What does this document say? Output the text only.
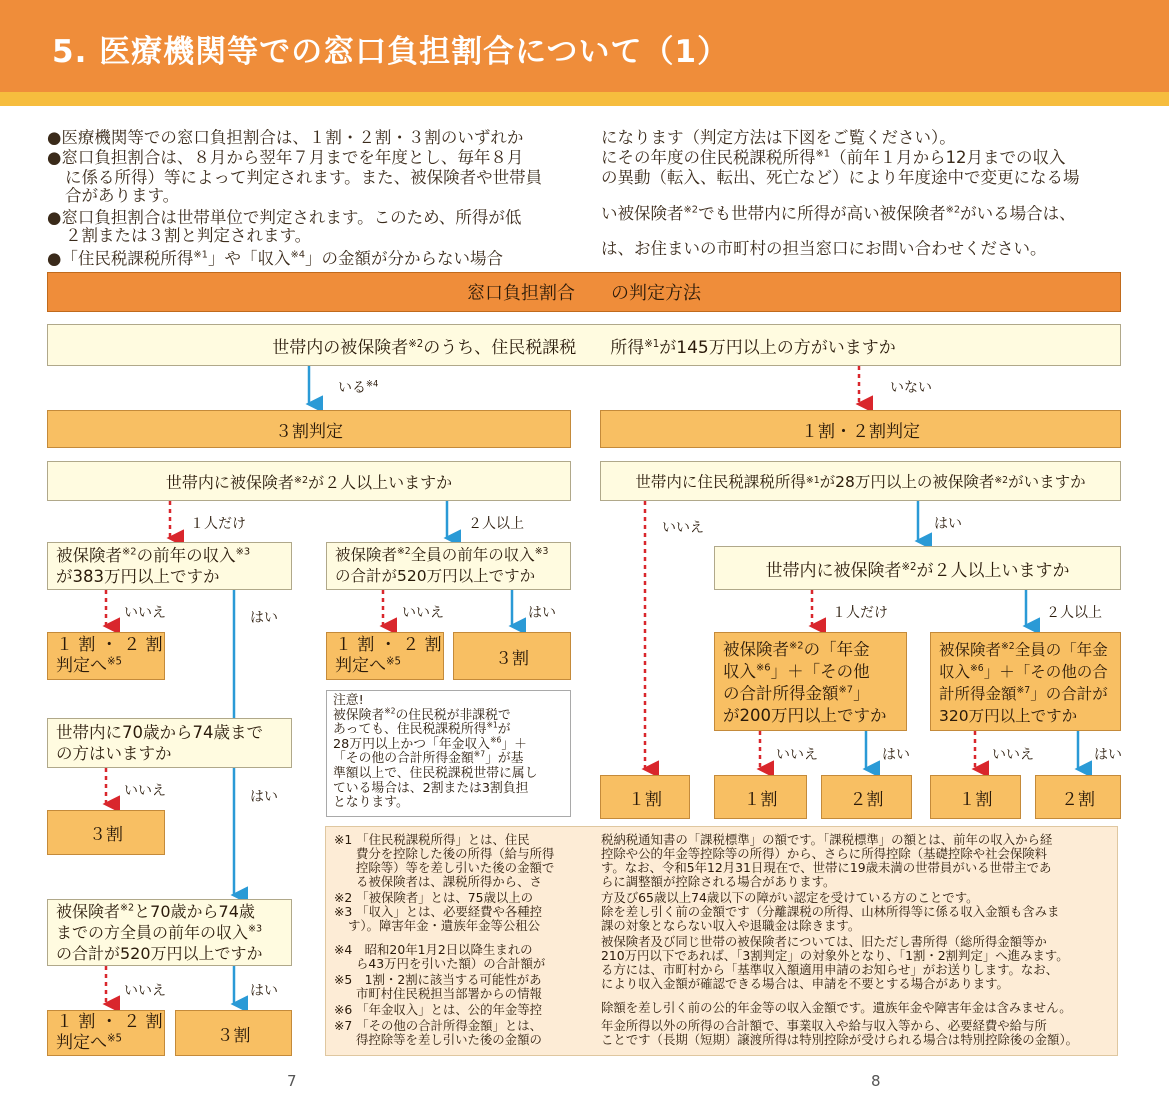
5. 医療機関等での窓口負担割合について（1）
●医療機関等での窓口負担割合は、１割・２割・３割のいずれか
●窓口負担割合は、８月から翌年７月までを年度とし、毎年８月
に係る所得）等によって判定されます。また、被保険者や世帯員
合があります。
●窓口負担割合は世帯単位で判定されます。このため、所得が低
２割または３割と判定されます。
●「住民税課税所得$^{※1}$」や「収入$^{※4}$」の金額が分からない場合
になります（判定方法は下図をご覧ください）。
にその年度の住民税課税所得$^{※1}$（前年１月から12月までの収入
の異動（転入、転出、死亡など）により年度途中で変更になる場
い被保険者$^{※2}$でも世帯内に所得が高い被保険者$^{※2}$がいる場合は、
は、お住まいの市町村の担当窓口にお問い合わせください。
窓口負担割合　　の判定方法
世帯内の被保険者 ※2 のうち、住民税課税　　所得 ※1 が145万円以上の方がいますか
いる$^{※4}$	いない
３割判定	１割・２割判定
世帯内に被保険者 ※2 が２人以上いますか	世帯内に住民税課税所得 ※1 が28万円以上の被保険者 ※2 がいますか
１人だけ	２人以上	いいえ	はい
被保険者$^{※2}$の前年の収入$^{※3}$
が383万円以上ですか
被保険者$^{※2}$全員の前年の収入$^{※3}$
の合計が520万円以上ですか	世帯内に被保険者 ※2 が２人以上いますか
いいえ	はい	いいえ	はい	１人だけ	２人以上
１ 割 ・ ２ 割
判定へ$^{※5}$
１ 割 ・ ２ 割
判定へ$^{※5}$	３割	被保険者$^{※2}$の「年金
収入$^{※6}$」＋「その他
の合計所得金額$^{※7}$」
が200万円以上ですか
被保険者$^{※2}$全員の「年金
収入$^{※6}$」＋「その他の合
計所得金額$^{※7}$」の合計が
320万円以上ですか
世帯内に70歳から74歳まで
の方はいますか
注意!
被保険者$^{※2}$の住民税が非課税で
あっても、住民税課税所得$^{※1}$が
28万円以上かつ「年金収入$^{※6}$」＋
「その他の合計所得金額$^{※7}$」が基
準額以上で、住民税課税世帯に属し
ている場合は、2割または3割負担
となります。
いいえ	はい	いいえ	はい
いいえ	はい	１割	１割	２割	１割	２割
３割
被保険者$^{※2}$と70歳から74歳
までの方全員の前年の収入$^{※3}$
の合計が520万円以上ですか
いいえ	はい
１ 割 ・ ２ 割
判定へ$^{※5}$	３割
※1 「住民税課税所得」とは、住民
費分を控除した後の所得（給与所得
控除等）等を差し引いた後の金額で
る被保険者は、課税所得から、さ
※2 「被保険者」とは、75歳以上の
※3 「収入」とは、必要経費や各種控
す）。障害年金・遺族年金等公租公
※4　昭和20年1月2日以降生まれの
ら43万円を引いた額）の合計額が
※5　1割・2割に該当する可能性があ
市町村住民税担当部署からの情報
※6 「年金収入」とは、公的年金等控
※7 「その他の合計所得金額」とは、
得控除等を差し引いた後の金額の
税納税通知書の「課税標準」の額です。「課税標準」の額とは、前年の収入から経
控除や公的年金等控除等の所得）から、さらに所得控除（基礎控除や社会保険料
す。なお、令和5年12月31日現在で、世帯に19歳未満の世帯員がいる世帯主であ
らに調整額が控除される場合があります。
方及び65歳以上74歳以下の障がい認定を受けている方のことです。
除を差し引く前の金額です（分離課税の所得、山林所得等に係る収入金額も含みま
課の対象とならない収入や退職金は除きます。
被保険者及び同じ世帯の被保険者については、旧ただし書所得（総所得金額等か
210万円以下であれば、「3割判定」の対象外となり、「1割・2割判定」へ進みます。
る方には、市町村から「基準収入額適用申請のお知らせ」がお送りします。なお、
により収入金額が確認できる場合は、申請を不要とする場合があります。
除額を差し引く前の公的年金等の収入金額です。遺族年金や障害年金は含みません。
年金所得以外の所得の合計額で、事業収入や給与収入等から、必要経費や給与所
ことです（長期（短期）譲渡所得は特別控除が受けられる場合は特別控除後の金額）。
7	8
